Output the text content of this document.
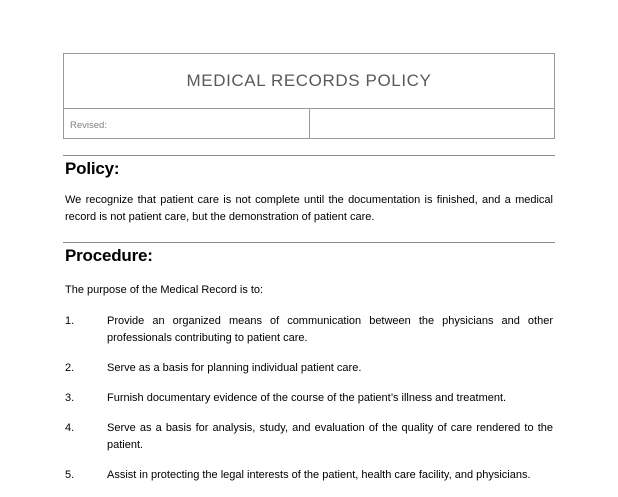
MEDICAL RECORDS POLICY
Revised:	
Policy:

We recognize that patient care is not complete until the documentation is finished, and a medical record is not patient care, but the demonstration of patient care.

Procedure:

The purpose of the Medical Record is to:

1.	Provide an organized means of communication between the physicians and other professionals contributing to patient care.
2.	Serve as a basis for planning individual patient care.
3.	Furnish documentary evidence of the course of the patient’s illness and treatment.
4.	Serve as a basis for analysis, study, and evaluation of the quality of care rendered to the patient.
5.	Assist in protecting the legal interests of the patient, health care facility, and physicians.
